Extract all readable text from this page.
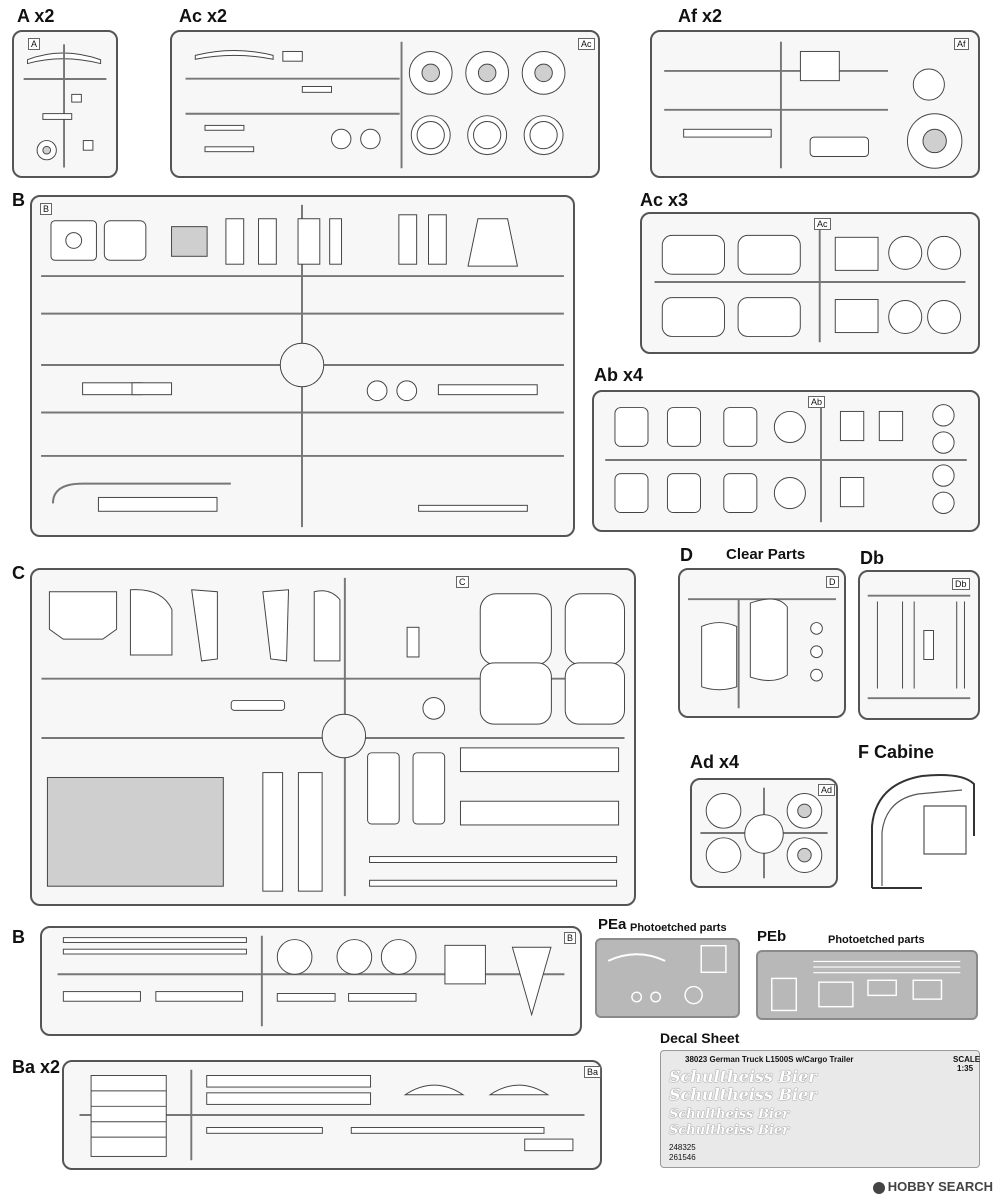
A x2
A
Ac x2
Ac
Af x2
Af
B	B	Ac x3
Ac
Ab x4
Ab
C	C
D Clear Parts
D
Db
Db
Ad x4
Ad
F Cabine
B	B
Ba x2	Ba
PEa Photoetched parts PEb	Photoetched parts
Decal Sheet
38023 German Truck L1500S w/Cargo Trailer	SCALE
1:35
Schultheiss Bier
Schultheiss Bier
Schultheiss Bier
Schultheiss Bier
248325
261546
HOBBY SEARCH
